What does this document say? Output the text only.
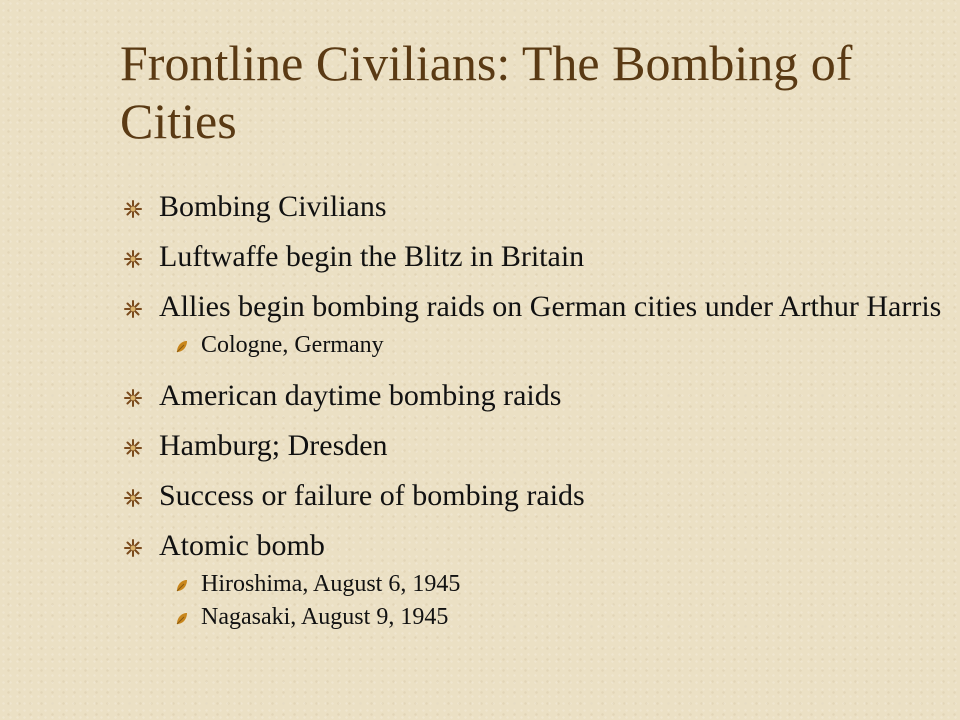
Frontline Civilians: The Bombing of Cities
Bombing Civilians
Luftwaffe begin the Blitz in Britain
Allies begin bombing raids on German cities under Arthur Harris
Cologne, Germany
American daytime bombing raids
Hamburg; Dresden
Success or failure of bombing raids
Atomic bomb
Hiroshima, August 6, 1945
Nagasaki, August 9, 1945
